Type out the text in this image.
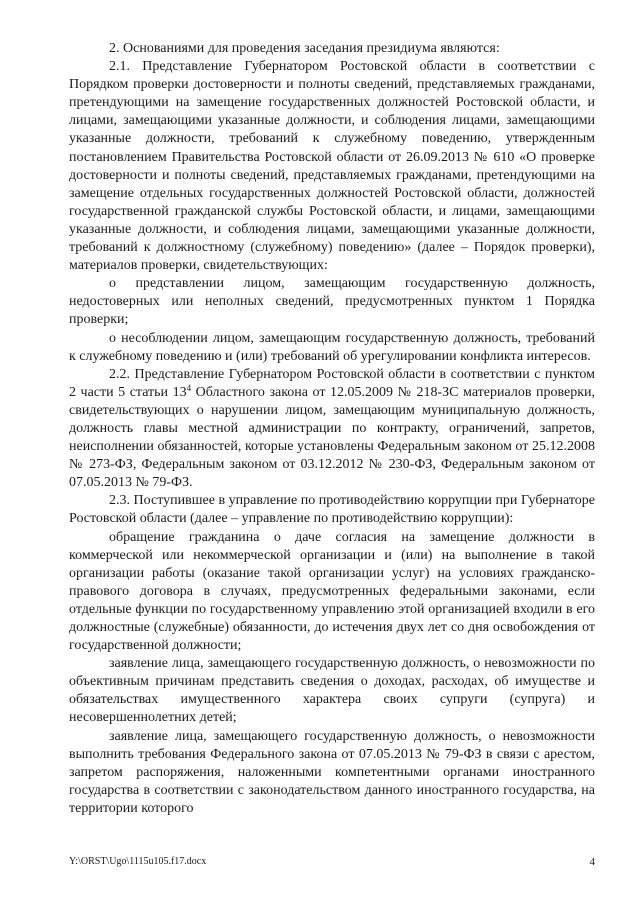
2. Основаниями для проведения заседания президиума являются:

2.1. Представление Губернатором Ростовской области в соответствии с Порядком проверки достоверности и полноты сведений, представляемых гражданами, претендующими на замещение государственных должностей Ростовской области, и лицами, замещающими указанные должности, и соблюдения лицами, замещающими указанные должности, требований к служебному поведению, утвержденным постановлением Правительства Ростовской области от 26.09.2013 № 610 «О проверке достоверности и полноты сведений, представляемых гражданами, претендующими на замещение отдельных государственных должностей Ростовской области, должностей государственной гражданской службы Ростовской области, и лицами, замещающими указанные должности, и соблюдения лицами, замещающими указанные должности, требований к должностному (служебному) поведению» (далее – Порядок проверки), материалов проверки, свидетельствующих:

о представлении лицом, замещающим государственную должность, недостоверных или неполных сведений, предусмотренных пунктом 1 Порядка проверки;

о несоблюдении лицом, замещающим государственную должность, требований к служебному поведению и (или) требований об урегулировании конфликта интересов.

2.2. Представление Губернатором Ростовской области в соответствии с пунктом 2 части 5 статьи $13^4$ Областного закона от 12.05.2009 № 218-ЗС материалов проверки, свидетельствующих о нарушении лицом, замещающим муниципальную должность, должность главы местной администрации по контракту, ограничений, запретов, неисполнении обязанностей, которые установлены Федеральным законом от 25.12.2008 № 273-ФЗ, Федеральным законом от 03.12.2012 № 230-ФЗ, Федеральным законом от 07.05.2013 № 79-ФЗ.

2.3. Поступившее в управление по противодействию коррупции при Губернаторе Ростовской области (далее – управление по противодействию коррупции):

обращение гражданина о даче согласия на замещение должности в коммерческой или некоммерческой организации и (или) на выполнение в такой организации работы (оказание такой организации услуг) на условиях гражданско-правового договора в случаях, предусмотренных федеральными законами, если отдельные функции по государственному управлению этой организацией входили в его должностные (служебные) обязанности, до истечения двух лет со дня освобождения от государственной должности;

заявление лица, замещающего государственную должность, о невозможности по объективным причинам представить сведения о доходах, расходах, об имуществе и обязательствах имущественного характера своих супруги (супруга) и несовершеннолетних детей;

заявление лица, замещающего государственную должность, о невозможности выполнить требования Федерального закона от 07.05.2013 № 79-ФЗ в связи с арестом, запретом распоряжения, наложенными компетентными органами иностранного государства в соответствии с законодательством данного иностранного государства, на территории которого

Y:\ORST\Ugo\1115u105.f17.docx	4
